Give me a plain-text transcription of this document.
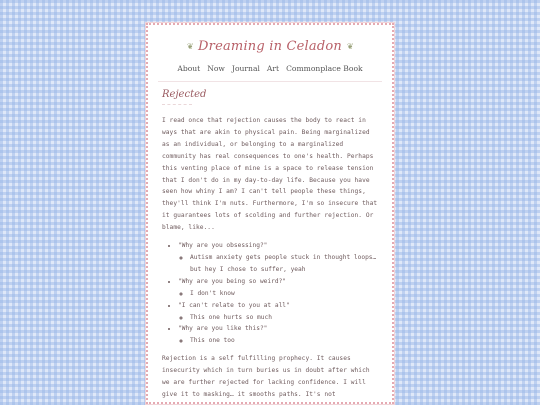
❦ Dreaming in Celadon ❦
About Now Journal Art Commonplace Book
Rejected

I read once that rejection causes the body to react in ways that are akin to physical pain. Being marginalized as an individual, or belonging to a marginalized community has real consequences to one's health. Perhaps this venting place of mine is a space to release tension that I don't do in my day-to-day life. Because you have seen how whiny I am? I can't tell people these things, they'll think I'm nuts. Furthermore, I'm so insecure that it guarantees lots of scolding and further rejection. Or blame, like...

• "Why are you obsessing?"
◦ Autism anxiety gets people stuck in thought loops… but hey I chose to suffer, yeah
• "Why are you being so weird?"
◦ I don't know
• "I can't relate to you at all"
◦ This one hurts so much
• "Why are you like this?"
◦ This one too

Rejection is a self fulfilling prophecy. It causes insecurity which in turn buries us in doubt after which we are further rejected for lacking confidence. I will give it to masking… it smooths paths. It's not
